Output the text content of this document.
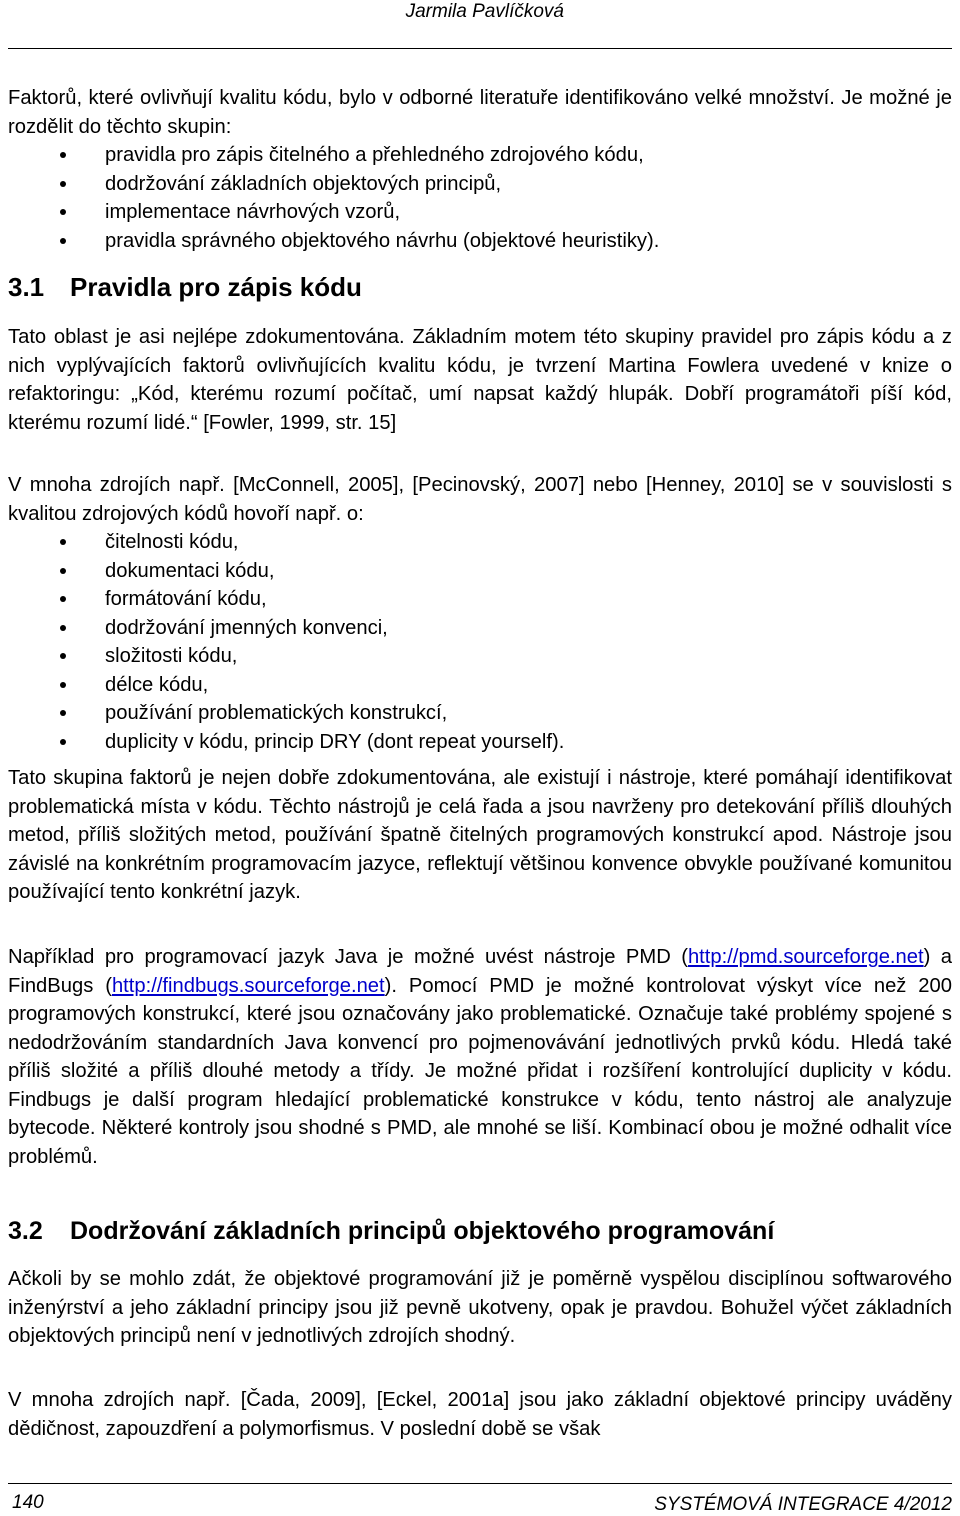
Jarmila Pavlíčková

Faktorů, které ovlivňují kvalitu kódu, bylo v odborné literatuře identifikováno velké množství. Je možné je rozdělit do těchto skupin:

pravidla pro zápis čitelného a přehledného zdrojového kódu,
dodržování základních objektových principů,
implementace návrhových vzorů,
pravidla správného objektového návrhu (objektové heuristiky).
3.1 Pravidla pro zápis kódu

Tato oblast je asi nejlépe zdokumentována. Základním motem této skupiny pravidel pro zápis kódu a z nich vyplývajících faktorů ovlivňujících kvalitu kódu, je tvrzení Martina Fowlera uvedené v knize o refaktoringu: „Kód, kterému rozumí počítač, umí napsat každý hlupák. Dobří programátoři píší kód, kterému rozumí lidé.“ [Fowler, 1999, str. 15]

V mnoha zdrojích např. [McConnell, 2005], [Pecinovský, 2007] nebo [Henney, 2010] se v souvislosti s kvalitou zdrojových kódů hovoří např. o:

čitelnosti kódu,
dokumentaci kódu,
formátování kódu,
dodržování jmenných konvenci,
složitosti kódu,
délce kódu,
používání problematických konstrukcí,
duplicity v kódu, princip DRY (dont repeat yourself).

Tato skupina faktorů je nejen dobře zdokumentována, ale existují i nástroje, které pomáhají identifikovat problematická místa v kódu. Těchto nástrojů je celá řada a jsou navrženy pro detekování příliš dlouhých metod, příliš složitých metod, používání špatně čitelných programových konstrukcí apod. Nástroje jsou závislé na konkrétním programovacím jazyce, reflektují většinou konvence obvykle používané komunitou používající tento konkrétní jazyk.

Například pro programovací jazyk Java je možné uvést nástroje PMD (http://pmd.sourceforge.net) a FindBugs (http://findbugs.sourceforge.net). Pomocí PMD je možné kontrolovat výskyt více než 200 programových konstrukcí, které jsou označovány jako problematické. Označuje také problémy spojené s nedodržováním standardních Java konvencí pro pojmenovávání jednotlivých prvků kódu. Hledá také příliš složité a příliš dlouhé metody a třídy. Je možné přidat i rozšíření kontrolující duplicity v kódu. Findbugs je další program hledající problematické konstrukce v kódu, tento nástroj ale analyzuje bytecode. Některé kontroly jsou shodné s PMD, ale mnohé se liší. Kombinací obou je možné odhalit více problémů.

3.2 Dodržování základních principů objektového programování

Ačkoli by se mohlo zdát, že objektové programování již je poměrně vyspělou disciplínou softwarového inženýrství a jeho základní principy jsou již pevně ukotveny, opak je pravdou. Bohužel výčet základních objektových principů není v jednotlivých zdrojích shodný.

V mnoha zdrojích např. [Čada, 2009], [Eckel, 2001a] jsou jako základní objektové principy uváděny dědičnost, zapouzdření a polymorfismus. V poslední době se však

140	SYSTÉMOVÁ INTEGRACE 4/2012
